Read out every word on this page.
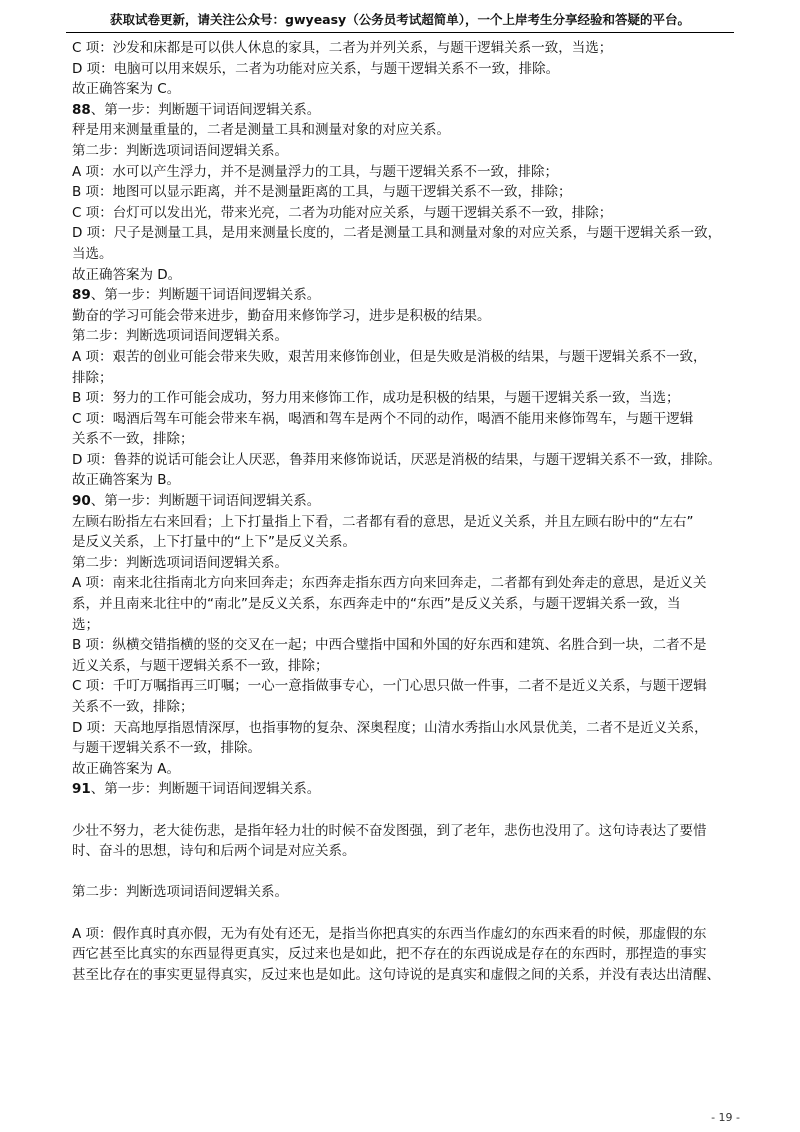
获取试卷更新，请关注公众号：gwyeasy（公务员考试超简单），一个上岸考生分享经验和答疑的平台。

C 项：沙发和床都是可以供人休息的家具，二者为并列关系，与题干逻辑关系一致，当选；

D 项：电脑可以用来娱乐，二者为功能对应关系，与题干逻辑关系不一致，排除。

故正确答案为 C。

88、第一步：判断题干词语间逻辑关系。

秤是用来测量重量的，二者是测量工具和测量对象的对应关系。

第二步：判断选项词语间逻辑关系。

A 项：水可以产生浮力，并不是测量浮力的工具，与题干逻辑关系不一致，排除；

B 项：地图可以显示距离，并不是测量距离的工具，与题干逻辑关系不一致，排除；

C 项：台灯可以发出光，带来光亮，二者为功能对应关系，与题干逻辑关系不一致，排除；

D 项：尺子是测量工具，是用来测量长度的，二者是测量工具和测量对象的对应关系，与题干逻辑关系一致，

当选。

故正确答案为 D。

89、第一步：判断题干词语间逻辑关系。

勤奋的学习可能会带来进步，勤奋用来修饰学习，进步是积极的结果。

第二步：判断选项词语间逻辑关系。

A 项：艰苦的创业可能会带来失败，艰苦用来修饰创业，但是失败是消极的结果，与题干逻辑关系不一致，

排除；

B 项：努力的工作可能会成功，努力用来修饰工作，成功是积极的结果，与题干逻辑关系一致，当选；

C 项：喝酒后驾车可能会带来车祸，喝酒和驾车是两个不同的动作，喝酒不能用来修饰驾车，与题干逻辑

关系不一致，排除；

D 项：鲁莽的说话可能会让人厌恶，鲁莽用来修饰说话，厌恶是消极的结果，与题干逻辑关系不一致，排除。

故正确答案为 B。

90、第一步：判断题干词语间逻辑关系。

左顾右盼指左右来回看；上下打量指上下看，二者都有看的意思，是近义关系，并且左顾右盼中的“左右”

是反义关系，上下打量中的“上下”是反义关系。

第二步：判断选项词语间逻辑关系。

A 项：南来北往指南北方向来回奔走；东西奔走指东西方向来回奔走，二者都有到处奔走的意思，是近义关

系，并且南来北往中的“南北”是反义关系，东西奔走中的“东西”是反义关系，与题干逻辑关系一致，当

选；

B 项：纵横交错指横的竖的交叉在一起；中西合璧指中国和外国的好东西和建筑、名胜合到一块，二者不是

近义关系，与题干逻辑关系不一致，排除；

C 项：千叮万嘱指再三叮嘱；一心一意指做事专心，一门心思只做一件事，二者不是近义关系，与题干逻辑

关系不一致，排除；

D 项：天高地厚指恩情深厚，也指事物的复杂、深奥程度；山清水秀指山水风景优美，二者不是近义关系，

与题干逻辑关系不一致，排除。

故正确答案为 A。

91、第一步：判断题干词语间逻辑关系。

少壮不努力，老大徒伤悲，是指年轻力壮的时候不奋发图强，到了老年，悲伤也没用了。这句诗表达了要惜

时、奋斗的思想，诗句和后两个词是对应关系。

第二步：判断选项词语间逻辑关系。

A 项：假作真时真亦假，无为有处有还无，是指当你把真实的东西当作虚幻的东西来看的时候，那虚假的东

西它甚至比真实的东西显得更真实，反过来也是如此，把不存在的东西说成是存在的东西时，那捏造的事实

甚至比存在的事实更显得真实，反过来也是如此。这句诗说的是真实和虚假之间的关系，并没有表达出清醒、

- 19 -
